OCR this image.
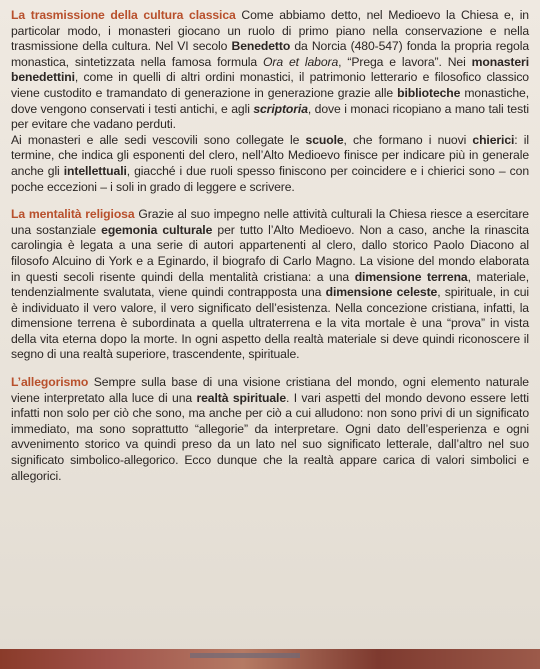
La trasmissione della cultura classica Come abbiamo detto, nel Medioevo la Chiesa e, in particolar modo, i monasteri giocano un ruolo di primo piano nella conservazione e nella trasmissione della cultura. Nel VI secolo Benedetto da Norcia (480-547) fonda la propria regola monastica, sintetizzata nella famosa formula Ora et labora, “Prega e lavora”. Nei monasteri benedettini, come in quelli di altri ordini monastici, il patrimonio letterario e filosofico classico viene custodito e tramandato di generazione in generazione grazie alle biblioteche monastiche, dove vengono conservati i testi antichi, e agli scriptoria, dove i monaci ricopiano a mano tali testi per evitare che vadano perduti.

Ai monasteri e alle sedi vescovili sono collegate le scuole, che formano i nuovi chierici: il termine, che indica gli esponenti del clero, nell’Alto Medioevo finisce per indicare più in generale anche gli intellettuali, giacché i due ruoli spesso finiscono per coincidere e i chierici sono – con poche eccezioni – i soli in grado di leggere e scrivere.

La mentalità religiosa Grazie al suo impegno nelle attività culturali la Chiesa riesce a esercitare una sostanziale egemonia culturale per tutto l’Alto Medioevo. Non a caso, anche la rinascita carolingia è legata a una serie di autori appartenenti al clero, dallo storico Paolo Diacono al filosofo Alcuino di York e a Eginardo, il biografo di Carlo Magno. La visione del mondo elaborata in questi secoli risente quindi della mentalità cristiana: a una dimensione terrena, materiale, tendenzialmente svalutata, viene quindi contrapposta una dimensione celeste, spirituale, in cui è individuato il vero valore, il vero significato dell’esistenza. Nella concezione cristiana, infatti, la dimensione terrena è subordinata a quella ultraterrena e la vita mortale è una “prova” in vista della vita eterna dopo la morte. In ogni aspetto della realtà materiale si deve quindi riconoscere il segno di una realtà superiore, trascendente, spirituale.

L’allegorismo Sempre sulla base di una visione cristiana del mondo, ogni elemento naturale viene interpretato alla luce di una realtà spirituale. I vari aspetti del mondo devono essere letti infatti non solo per ciò che sono, ma anche per ciò a cui alludono: non sono privi di un significato immediato, ma sono soprattutto “allegorie” da interpretare. Ogni dato dell’esperienza e ogni avvenimento storico va quindi preso da un lato nel suo significato letterale, dall’altro nel suo significato simbolico-allegorico. Ecco dunque che la realtà appare carica di valori simbolici e allegorici.
